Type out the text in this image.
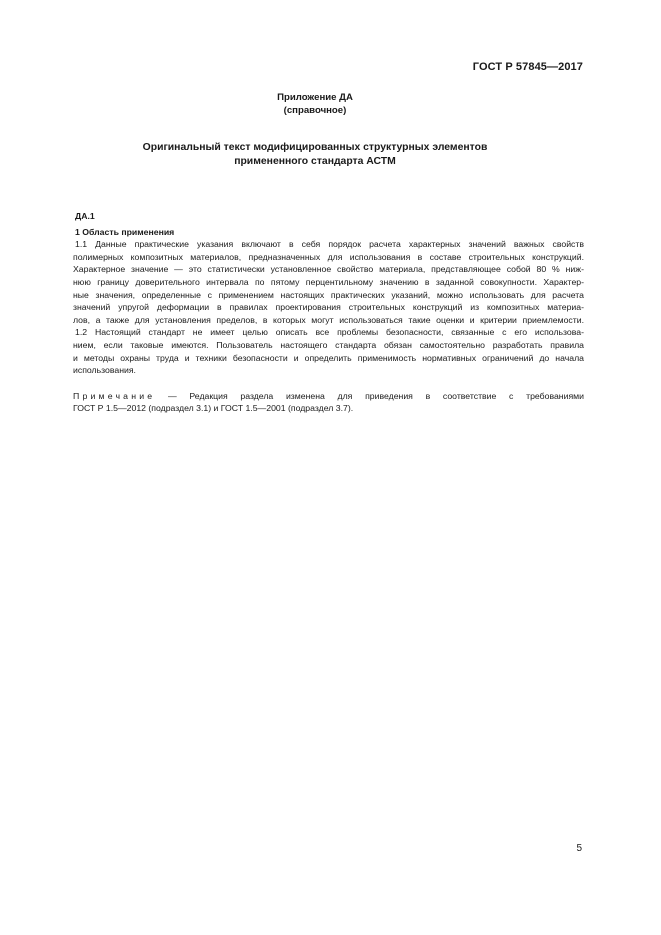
ГОСТ Р 57845—2017
Приложение ДА
(справочное)
Оригинальный текст модифицированных структурных элементов
примененного стандарта АСТМ

ДА.1

1 Область применения

1.1 Данные практические указания включают в себя порядок расчета характерных значений важных свойств
полимерных композитных материалов, предназначенных для использования в составе строительных конструкций.
Характерное значение — это статистически установленное свойство материала, представляющее собой 80 % ниж-
нюю границу доверительного интервала по пятому перцентильному значению в заданной совокупности. Характер-
ные значения, определенные с применением настоящих практических указаний, можно использовать для расчета
значений упругой деформации в правилах проектирования строительных конструкций из композитных материа-
лов, а также для установления пределов, в которых могут использоваться такие оценки и критерии приемлемости.
1.2 Настоящий стандарт не имеет целью описать все проблемы безопасности, связанные с его использова-
нием, если таковые имеются. Пользователь настоящего стандарта обязан самостоятельно разработать правила
и методы охраны труда и техники безопасности и определить применимость нормативных ограничений до начала
использования.
Примечание — Редакция раздела изменена для приведения в соответствие с требованиями
ГОСТ Р 1.5—2012 (подраздел 3.1) и ГОСТ 1.5—2001 (подраздел 3.7).
5
